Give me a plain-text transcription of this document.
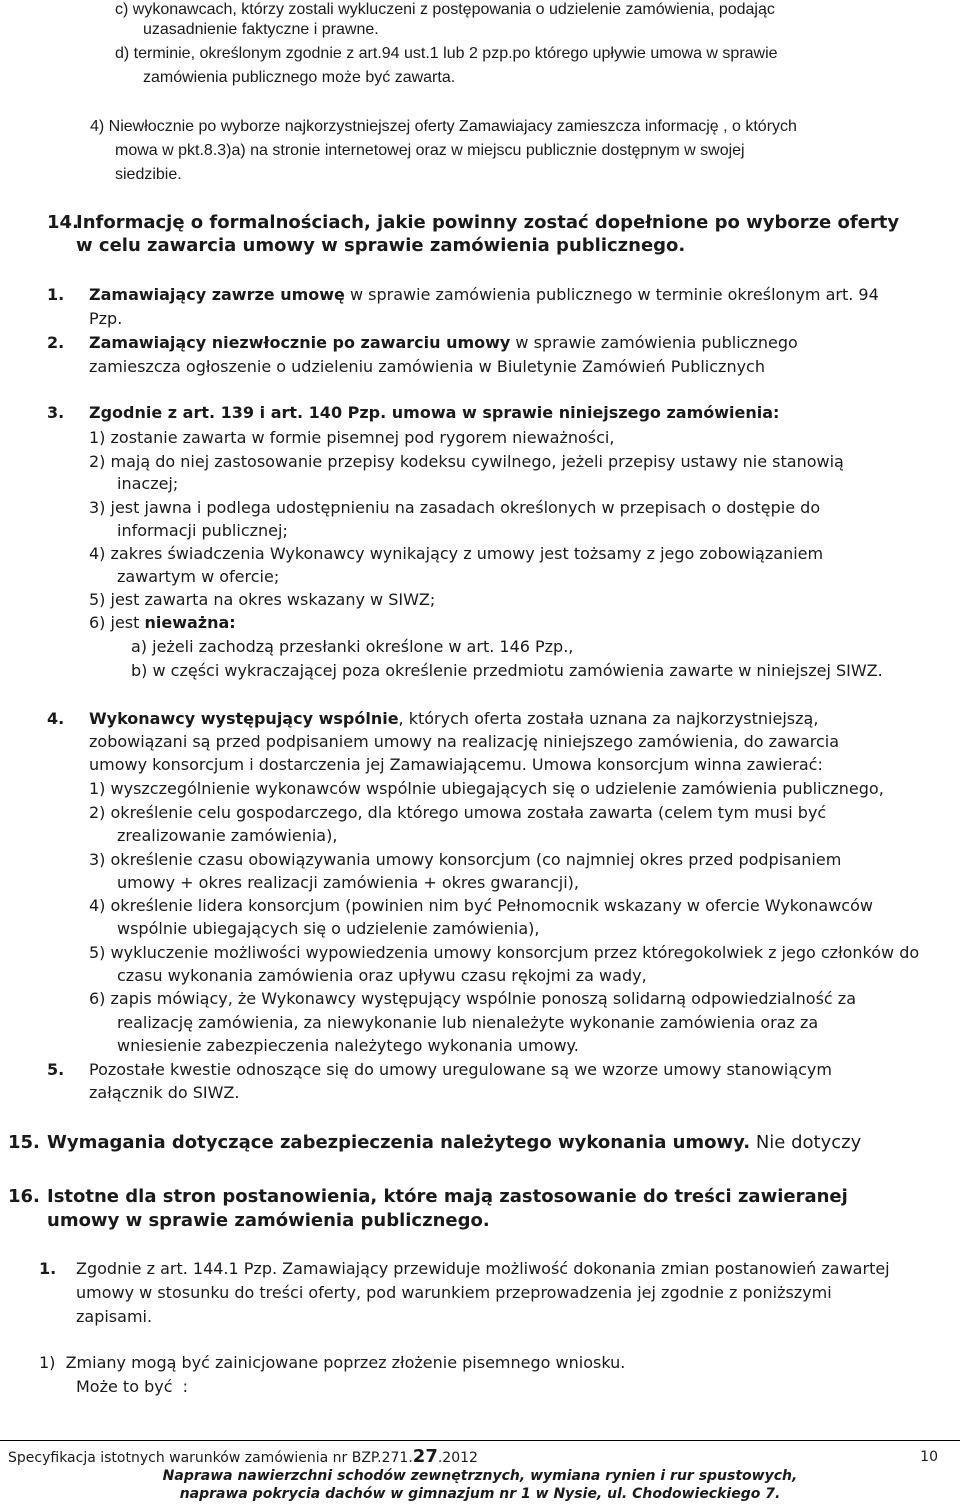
c) wykonawcach, którzy zostali wykluczeni z postępowania o udzielenie zamówienia, podając
uzasadnienie faktyczne i prawne.
d) terminie, określonym zgodnie z art.94 ust.1 lub 2 pzp.po którego upływie umowa w sprawie
zamówienia publicznego może być zawarta.
4) Niewłocznie po wyborze najkorzystniejszej oferty Zamawiajacy zamieszcza informację , o których
mowa w pkt.8.3)a) na stronie internetowej oraz w miejscu publicznie dostępnym w swojej
siedzibie.
14.
Informację o formalnościach, jakie powinny zostać dopełnione po wyborze oferty
w celu zawarcia umowy w sprawie zamówienia publicznego.
1. Zamawiający zawrze umowę w sprawie zamówienia publicznego w terminie określonym art. 94
Pzp.
2. Zamawiający niezwłocznie po zawarciu umowy w sprawie zamówienia publicznego
zamieszcza ogłoszenie o udzieleniu zamówienia w Biuletynie Zamówień Publicznych
3. Zgodnie z art. 139 i art. 140 Pzp. umowa w sprawie niniejszego zamówienia:
1) zostanie zawarta w formie pisemnej pod rygorem nieważności,
2) mają do niej zastosowanie przepisy kodeksu cywilnego, jeżeli przepisy ustawy nie stanowią
inaczej;
3) jest jawna i podlega udostępnieniu na zasadach określonych w przepisach o dostępie do
informacji publicznej;
4) zakres świadczenia Wykonawcy wynikający z umowy jest tożsamy z jego zobowiązaniem
zawartym w ofercie;
5) jest zawarta na okres wskazany w SIWZ;
6) jest nieważna:
a) jeżeli zachodzą przesłanki określone w art. 146 Pzp.,
b) w części wykraczającej poza określenie przedmiotu zamówienia zawarte w niniejszej SIWZ.
4. Wykonawcy występujący wspólnie, których oferta została uznana za najkorzystniejszą,
zobowiązani są przed podpisaniem umowy na realizację niniejszego zamówienia, do zawarcia
umowy konsorcjum i dostarczenia jej Zamawiającemu. Umowa konsorcjum winna zawierać:
1) wyszczególnienie wykonawców wspólnie ubiegających się o udzielenie zamówienia publicznego,
2) określenie celu gospodarczego, dla którego umowa została zawarta (celem tym musi być
zrealizowanie zamówienia),
3) określenie czasu obowiązywania umowy konsorcjum (co najmniej okres przed podpisaniem
umowy + okres realizacji zamówienia + okres gwarancji),
4) określenie lidera konsorcjum (powinien nim być Pełnomocnik wskazany w ofercie Wykonawców
wspólnie ubiegających się o udzielenie zamówienia),
5) wykluczenie możliwości wypowiedzenia umowy konsorcjum przez któregokolwiek z jego członków do
czasu wykonania zamówienia oraz upływu czasu rękojmi za wady,
6) zapis mówiący, że Wykonawcy występujący wspólnie ponoszą solidarną odpowiedzialność za
realizację zamówienia, za niewykonanie lub nienależyte wykonanie zamówienia oraz za
wniesienie zabezpieczenia należytego wykonania umowy.
5. Pozostałe kwestie odnoszące się do umowy uregulowane są we wzorze umowy stanowiącym
załącznik do SIWZ.
15. Wymagania dotyczące zabezpieczenia należytego wykonania umowy. Nie dotyczy
16. Istotne dla stron postanowienia, które mają zastosowanie do treści zawieranej
umowy w sprawie zamówienia publicznego.
1. Zgodnie z art. 144.1 Pzp. Zamawiający przewiduje możliwość dokonania zmian postanowień zawartej
umowy w stosunku do treści oferty, pod warunkiem przeprowadzenia jej zgodnie z poniższymi
zapisami.
1)  Zmiany mogą być zainicjowane poprzez złożenie pisemnego wniosku.
Może to być  :
Specyfikacja istotnych warunków zamówienia nr BZP.271.27.2012	10
Naprawa nawierzchni schodów zewnętrznych, wymiana rynien i rur spustowych,
naprawa pokrycia dachów w gimnazjum nr 1 w Nysie, ul. Chodowieckiego 7.
